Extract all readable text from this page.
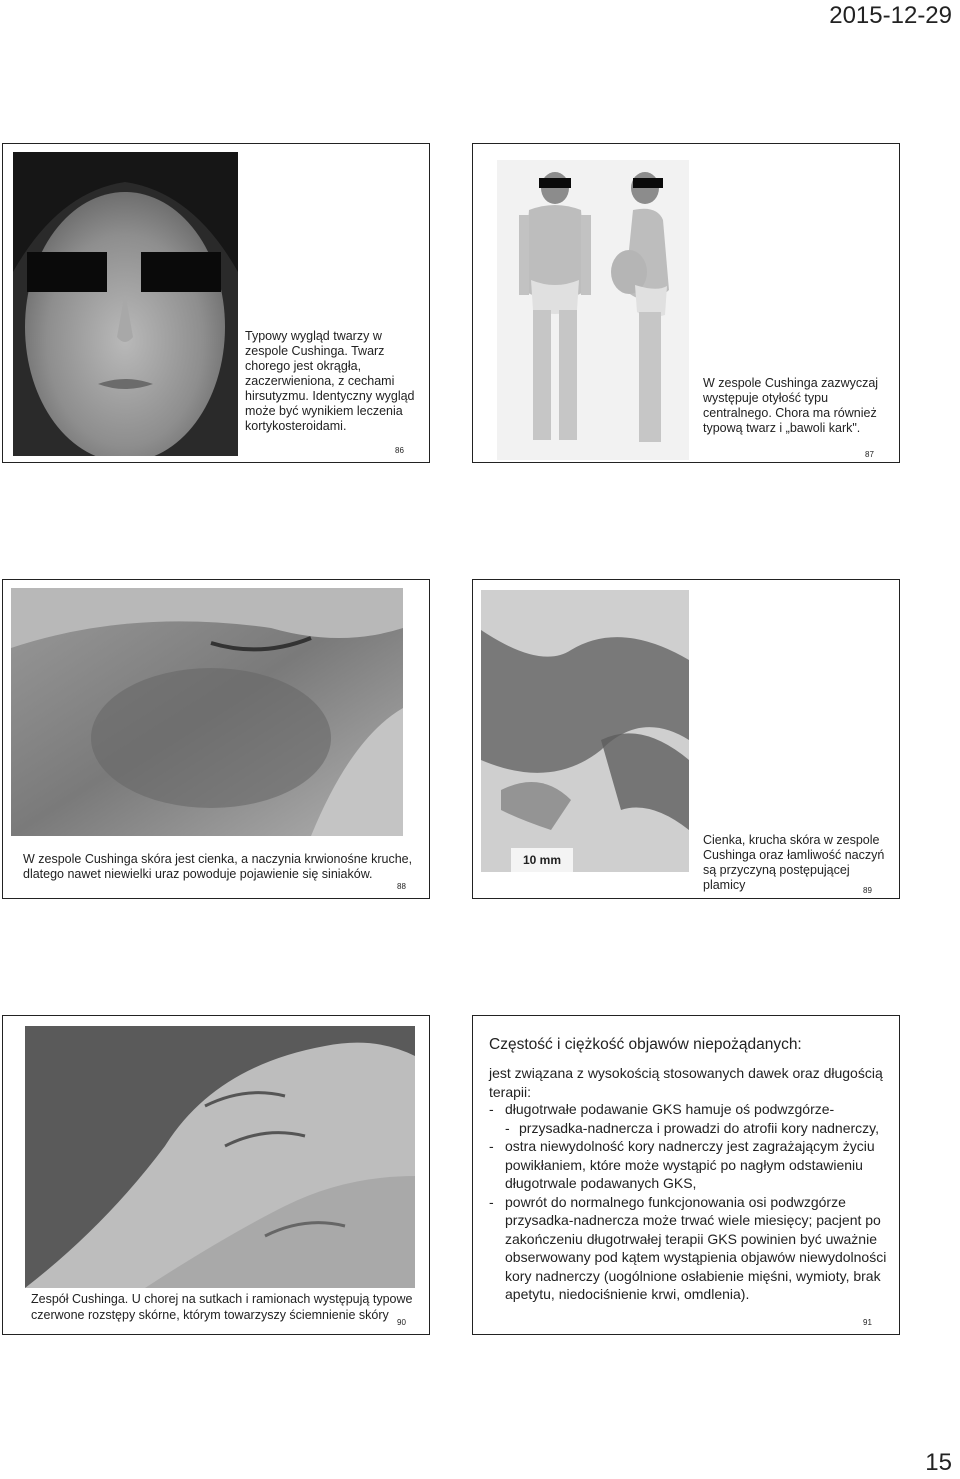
2015-12-29
Typowy wygląd twarzy w zespole Cushinga. Twarz chorego jest okrągła, zaczerwieniona, z cechami hirsutyzmu. Identyczny wygląd może być wynikiem leczenia kortykosteroidami.
86
W zespole Cushinga zazwyczaj występuje otyłość typu centralnego. Chora ma również typową twarz i „bawoli kark".
87
W zespole Cushinga skóra jest cienka, a naczynia krwionośne kruche,
dlatego nawet niewielki uraz powoduje pojawienie się siniaków.
88
10 mm
Cienka, krucha skóra w zespole Cushinga oraz łamliwość naczyń są przyczyną postępującej plamicy	89
Zespół Cushinga. U chorej na sutkach i ramionach występują typowe
czerwone rozstępy skórne, którym towarzyszy ściemnienie skóry
90
Częstość i ciężkość objawów niepożądanych:
jest związana z wysokością stosowanych dawek oraz długością terapii:
- długotrwałe podawanie GKS hamuje oś podwzgórze-
- przysadka-nadnercza i prowadzi do atrofii kory nadnerczy,
- ostra niewydolność kory nadnerczy jest zagrażającym życiu powikłaniem, które może wystąpić po nagłym odstawieniu długotrwale podawanych GKS,
- powrót do normalnego funkcjonowania osi podwzgórze przysadka-nadnercza może trwać wiele miesięcy; pacjent po zakończeniu długotrwałej terapii GKS powinien być uważnie obserwowany pod kątem wystąpienia objawów niewydolności kory nadnerczy (uogólnione osłabienie mięśni, wymioty, brak apetytu, niedociśnienie krwi, omdlenia).
91
15
